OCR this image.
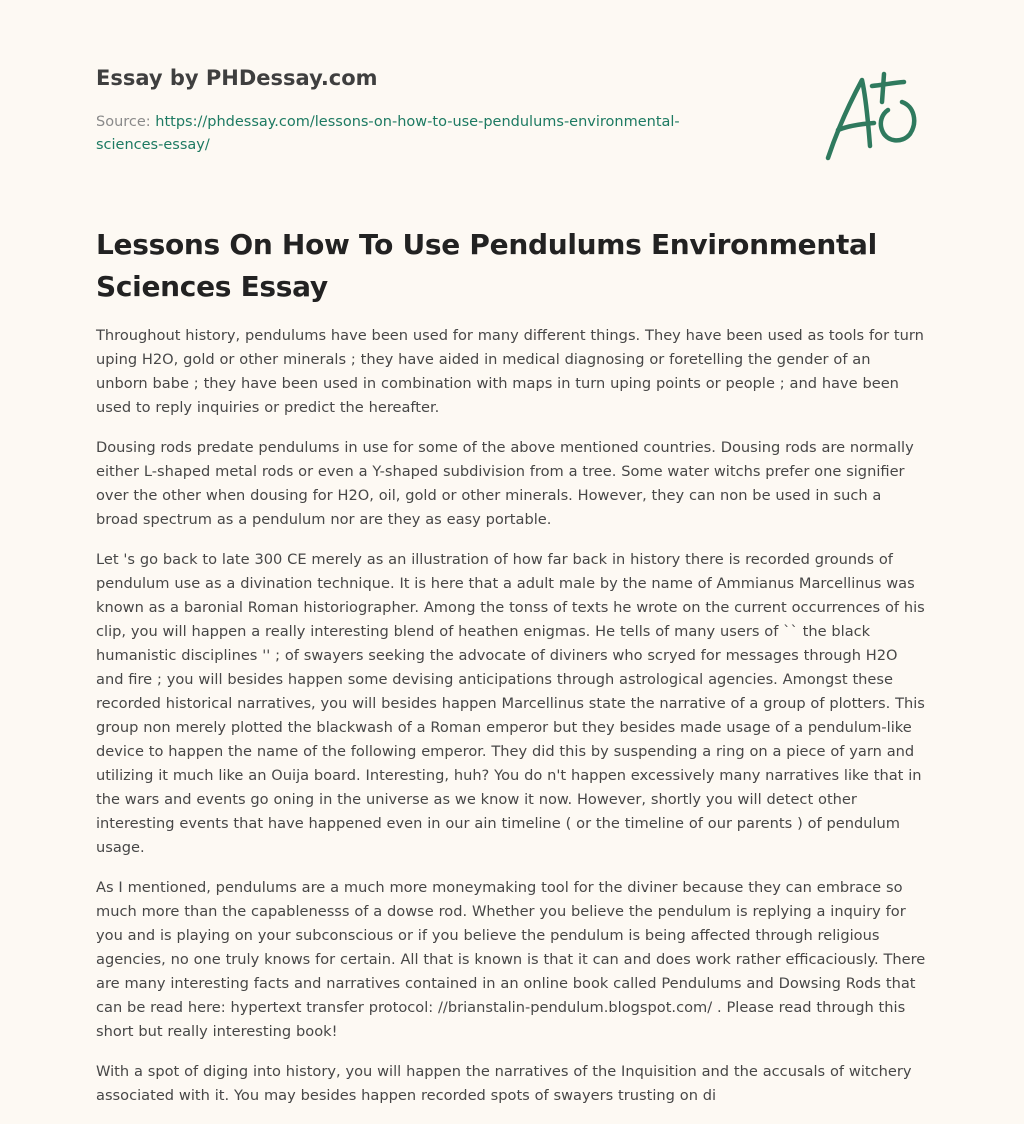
Essay by PHDessay.com
Source: https://phdessay.com/lessons-on-how-to-use-pendulums-environmental-
sciences-essay/
Lessons On How To Use Pendulums Environmental
Sciences Essay

Throughout history, pendulums have been used for many different things. They have been used as tools for turn uping H2O, gold or other minerals ; they have aided in medical diagnosing or foretelling the gender of an unborn babe ; they have been used in combination with maps in turn uping points or people ; and have been used to reply inquiries or predict the hereafter.

Dousing rods predate pendulums in use for some of the above mentioned countries. Dousing rods are normally either L-shaped metal rods or even a Y-shaped subdivision from a tree. Some water witchs prefer one signifier over the other when dousing for H2O, oil, gold or other minerals. However, they can non be used in such a broad spectrum as a pendulum nor are they as easy portable.

Let 's go back to late 300 CE merely as an illustration of how far back in history there is recorded grounds of pendulum use as a divination technique. It is here that a adult male by the name of Ammianus Marcellinus was known as a baronial Roman historiographer. Among the tonss of texts he wrote on the current occurrences of his clip, you will happen a really interesting blend of heathen enigmas. He tells of many users of `` the black humanistic disciplines '' ; of swayers seeking the advocate of diviners who scryed for messages through H2O and fire ; you will besides happen some devising anticipations through astrological agencies. Amongst these recorded historical narratives, you will besides happen Marcellinus state the narrative of a group of plotters. This group non merely plotted the blackwash of a Roman emperor but they besides made usage of a pendulum-like device to happen the name of the following emperor. They did this by suspending a ring on a piece of yarn and utilizing it much like an Ouija board. Interesting, huh? You do n't happen excessively many narratives like that in the wars and events go oning in the universe as we know it now. However, shortly you will detect other interesting events that have happened even in our ain timeline ( or the timeline of our parents ) of pendulum usage.

As I mentioned, pendulums are a much more moneymaking tool for the diviner because they can embrace so much more than the capablenesss of a dowse rod. Whether you believe the pendulum is replying a inquiry for you and is playing on your subconscious or if you believe the pendulum is being affected through religious agencies, no one truly knows for certain. All that is known is that it can and does work rather efficaciously. There are many interesting facts and narratives contained in an online book called Pendulums and Dowsing Rods that can be read here: hypertext transfer protocol: //brianstalin-pendulum.blogspot.com/ . Please read through this short but really interesting book!

With a spot of diging into history, you will happen the narratives of the Inquisition and the accusals of witchery associated with it. You may besides happen recorded spots of swayers trusting on di
